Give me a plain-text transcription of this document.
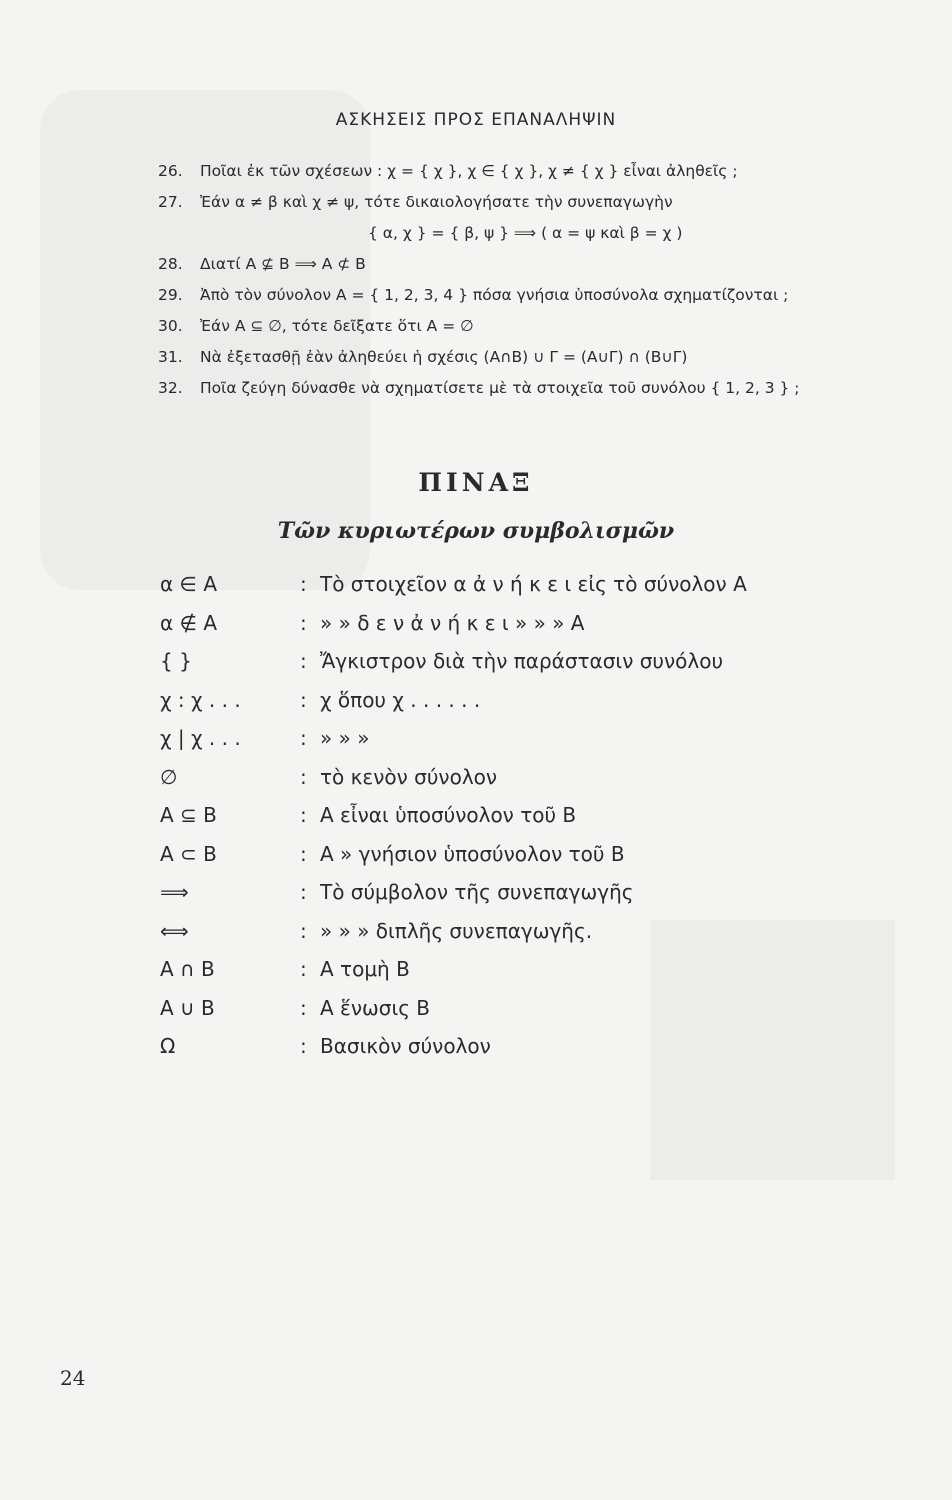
ΑΣΚΗΣΕΙΣ ΠΡΟΣ ΕΠΑΝΑΛΗΨΙΝ
26.	Ποῖαι ἐκ τῶν σχέσεων : χ = { χ }, χ ∈ { χ }, χ ≠ { χ } εἶναι ἀληθεῖς ;
27.	Ἐάν α ≠ β καὶ χ ≠ ψ, τότε δικαιολογήσατε τὴν συνεπαγωγὴν
{ α, χ } = { β, ψ } ⟹ ( α = ψ καὶ β = χ )
28.	Διατί A ⊈ B ⟹ A ⊄ B
29.	Ἀπὸ τὸν σύνολον A = { 1, 2, 3, 4 } πόσα γνήσια ὑποσύνολα σχηματίζονται ;
30.	Ἐάν A ⊆ ∅, τότε δεῖξατε ὅτι A = ∅
31.	Νὰ ἐξετασθῇ ἐὰν ἀληθεύει ἡ σχέσις (A∩B) ∪ Γ = (A∪Γ) ∩ (B∪Γ)
32.	Ποῖα ζεύγη δύνασθε νὰ σχηματίσετε μὲ τὰ στοιχεῖα τοῦ συνόλου { 1, 2, 3 } ;
ΠΙΝΑΞ
Τῶν κυριωτέρων συμβολισμῶν
α ∈ A	: Τὸ στοιχεῖον α ἀ ν ή κ ε ι εἰς τὸ σύνολον A
α ∉ A	: » » δ ε ν ἀ ν ή κ ε ι » » » A
{ }	: Ἄγκιστρον διὰ τὴν παράστασιν συνόλου
χ : χ . . .	: χ ὅπου χ . . . . . .
χ | χ . . .	: » » »
∅	: τὸ κενὸν σύνολον
A ⊆ B	: A εἶναι ὑποσύνολον τοῦ B
A ⊂ B	: A » γνήσιον ὑποσύνολον τοῦ B
⟹	: Τὸ σύμβολον τῆς συνεπαγωγῆς
⟺	: » » » διπλῆς συνεπαγωγῆς.
A ∩ B	: A τομὴ B
A ∪ B	: A ἕνωσις B
Ω	: Βασικὸν σύνολον
24
